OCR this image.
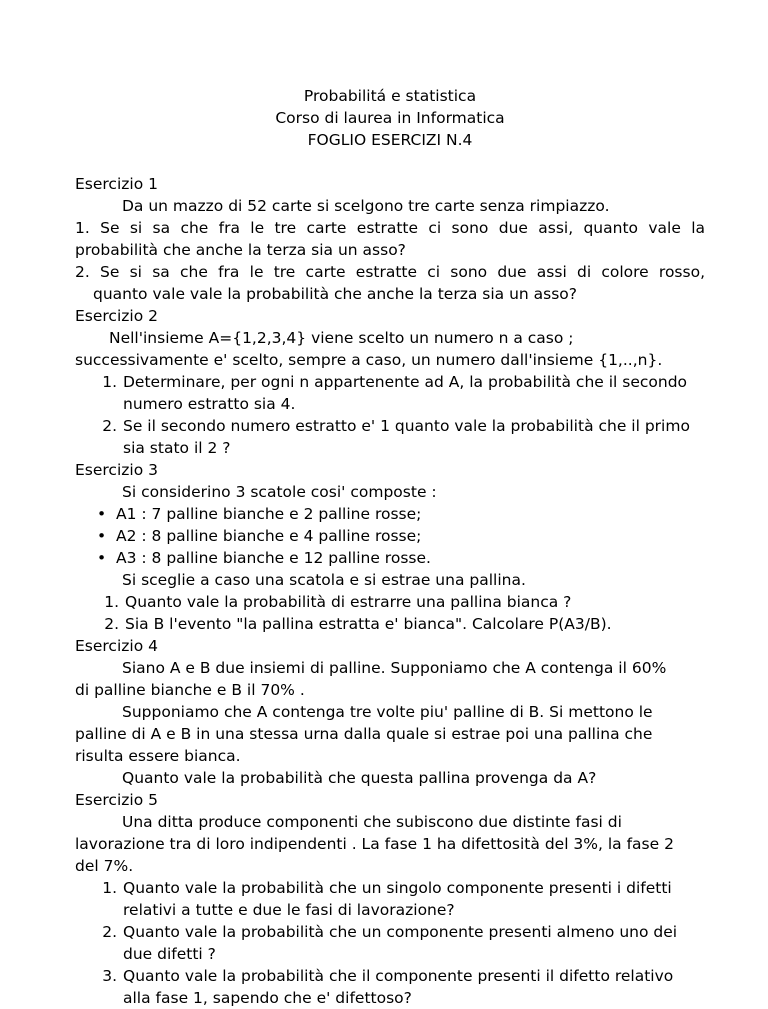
Probabilitá e statistica
Corso di laurea in Informatica
FOGLIO ESERCIZI N.4
Esercizio 1
Da un mazzo di 52 carte si scelgono tre carte senza rimpiazzo.
1. Se si sa che fra le tre carte estratte ci sono due assi, quanto vale la
probabilità che anche la terza sia un asso?
2. Se si sa che fra le tre carte estratte ci sono due assi di colore rosso,
quanto vale vale la probabilità che anche la terza sia un asso?
Esercizio 2
Nell'insieme A={1,2,3,4} viene scelto un numero n a caso ;
successivamente e' scelto, sempre a caso, un numero dall'insieme {1,..,n}.
1. Determinare, per ogni n appartenente ad A, la probabilità che il secondo
numero estratto sia 4.
2. Se il secondo numero estratto e' 1 quanto vale la probabilità che il primo
sia stato il 2 ?
Esercizio 3
Si considerino 3 scatole cosi' composte :
• A1 : 7 palline bianche e 2 palline rosse;
• A2 : 8 palline bianche e 4 palline rosse;
• A3 : 8 palline bianche e 12 palline rosse.
Si sceglie a caso una scatola e si estrae una pallina.
1. Quanto vale la probabilità di estrarre una pallina bianca ?
2. Sia B l'evento "la pallina estratta e' bianca". Calcolare P(A3/B).
Esercizio 4
Siano A e B due insiemi di palline. Supponiamo che A contenga il 60%
di palline bianche e B il 70% .
Supponiamo che A contenga tre volte piu' palline di B. Si mettono le
palline di A e B in una stessa urna dalla quale si estrae poi una pallina che
risulta essere bianca.
Quanto vale la probabilità che questa pallina provenga da A?
Esercizio 5
Una ditta produce componenti che subiscono due distinte fasi di
lavorazione tra di loro indipendenti . La fase 1 ha difettosità del 3%, la fase 2
del 7%.
1. Quanto vale la probabilità che un singolo componente presenti i difetti
relativi a tutte e due le fasi di lavorazione?
2. Quanto vale la probabilità che un componente presenti almeno uno dei
due difetti ?
3. Quanto vale la probabilità che il componente presenti il difetto relativo
alla fase 1, sapendo che e' difettoso?
